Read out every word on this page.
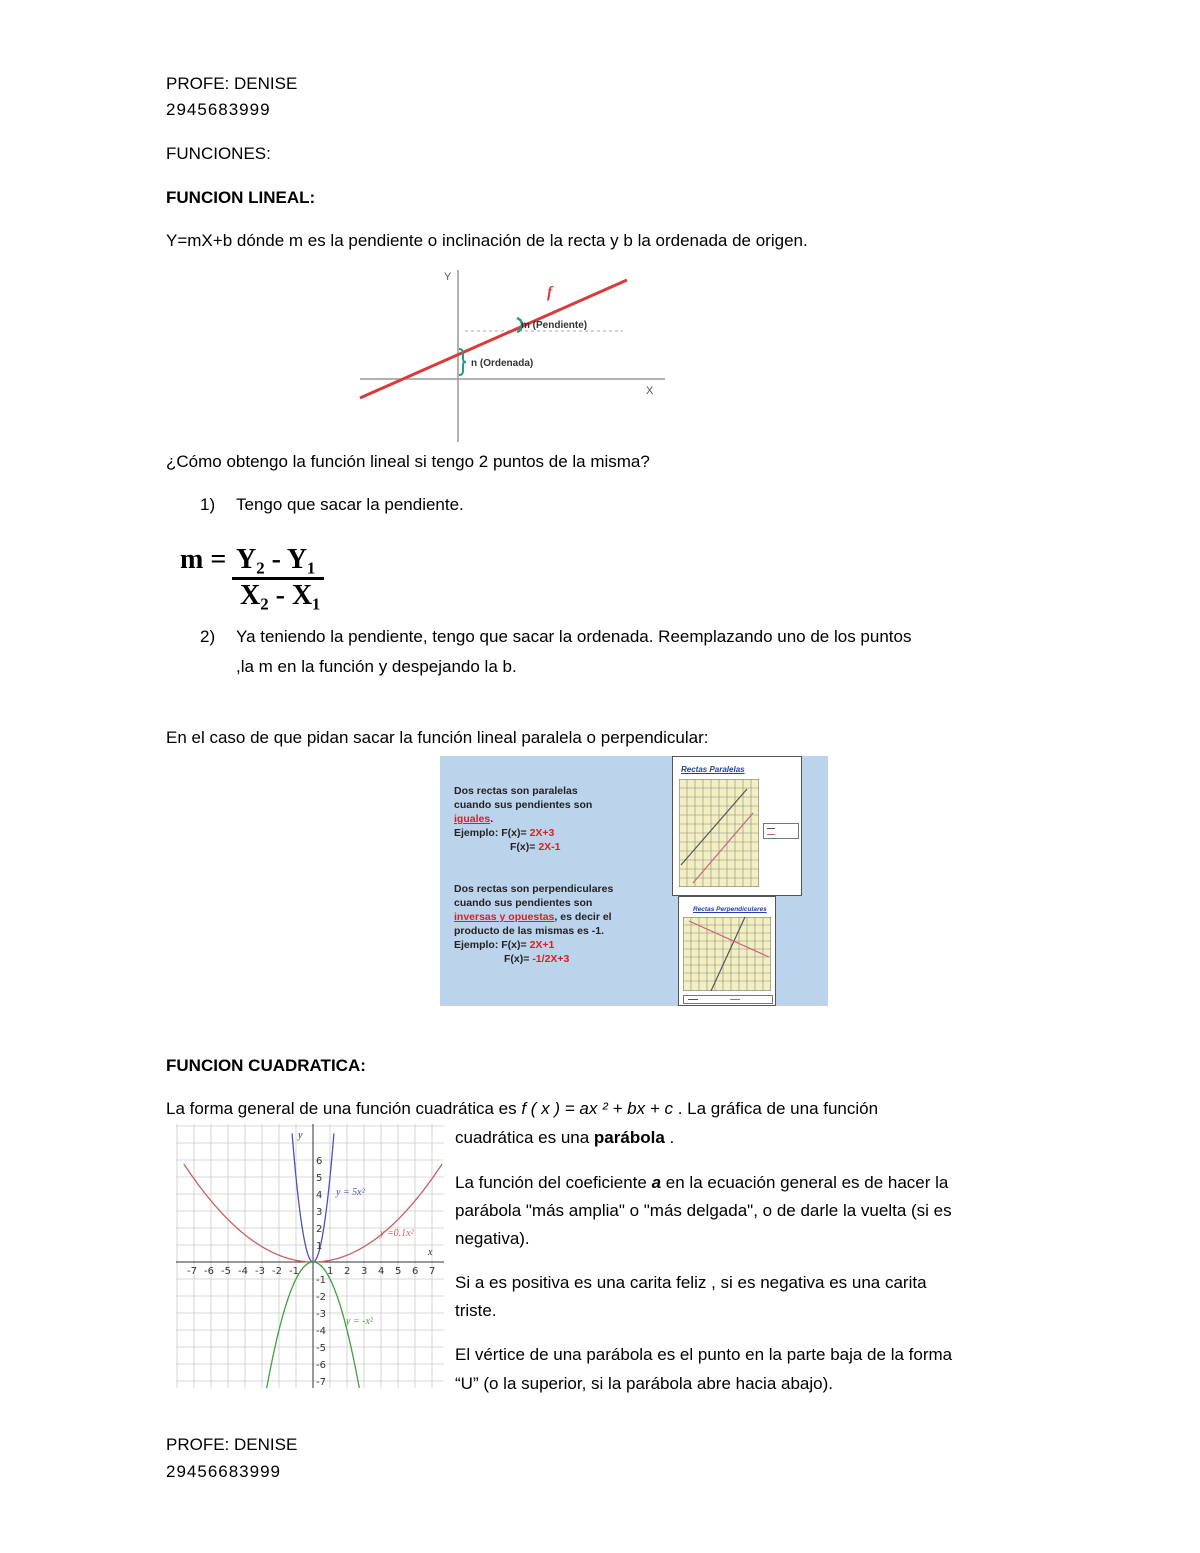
PROFE: DENISE
2945683999
FUNCIONES:
FUNCION LINEAL:
Y=mX+b dónde m es la pendiente o inclinación de la recta y b la ordenada de origen.
Y
X
f
m (Pendiente)
n (Ordenada)
¿Cómo obtengo la función lineal si tengo 2 puntos de la misma?
1) Tengo que sacar la pendiente.
m = Y₂ - Y₁
X₂ - X₁
2) Ya teniendo la pendiente, tengo que sacar la ordenada. Reemplazando uno de los puntos
,la m en la función y despejando la b.
En el caso de que pidan sacar la función lineal paralela o perpendicular:
Dos rectas son paralelas
cuando sus pendientes son
iguales.
Ejemplo: F(x)= 2X+3
F(x)= 2X-1
Dos rectas son perpendiculares
cuando sus pendientes son
inversas y opuestas, es decir el
producto de las mismas es -1.
Ejemplo: F(x)= 2X+1
F(x)= -1/2X+3
Rectas Paralelas
Rectas Perpendiculares
FUNCION CUADRATICA:
La forma general de una función cuadrática es f ( x ) = ax ² + bx + c . La gráfica de una función
cuadrática es una parábola .
La función del coeficiente a en la ecuación general es de hacer la
parábola "más amplia" o "más delgada", o de darle la vuelta (si es
negativa).
Si a es positiva es una carita feliz , si es negativa es una carita
triste.
El vértice de una parábola es el punto en la parte baja de la forma
“U” (o la superior, si la parábola abre hacia abajo).
-7 -6 -5 -4 -3 -2 -1	1 2 3 4 5 6 7
1
2
3
4
5
6
-1
-2
-3
-4
-5
-6
-7
x
y
y = 5x²
y =0.1x²
y = -x²
PROFE: DENISE
29456683999
